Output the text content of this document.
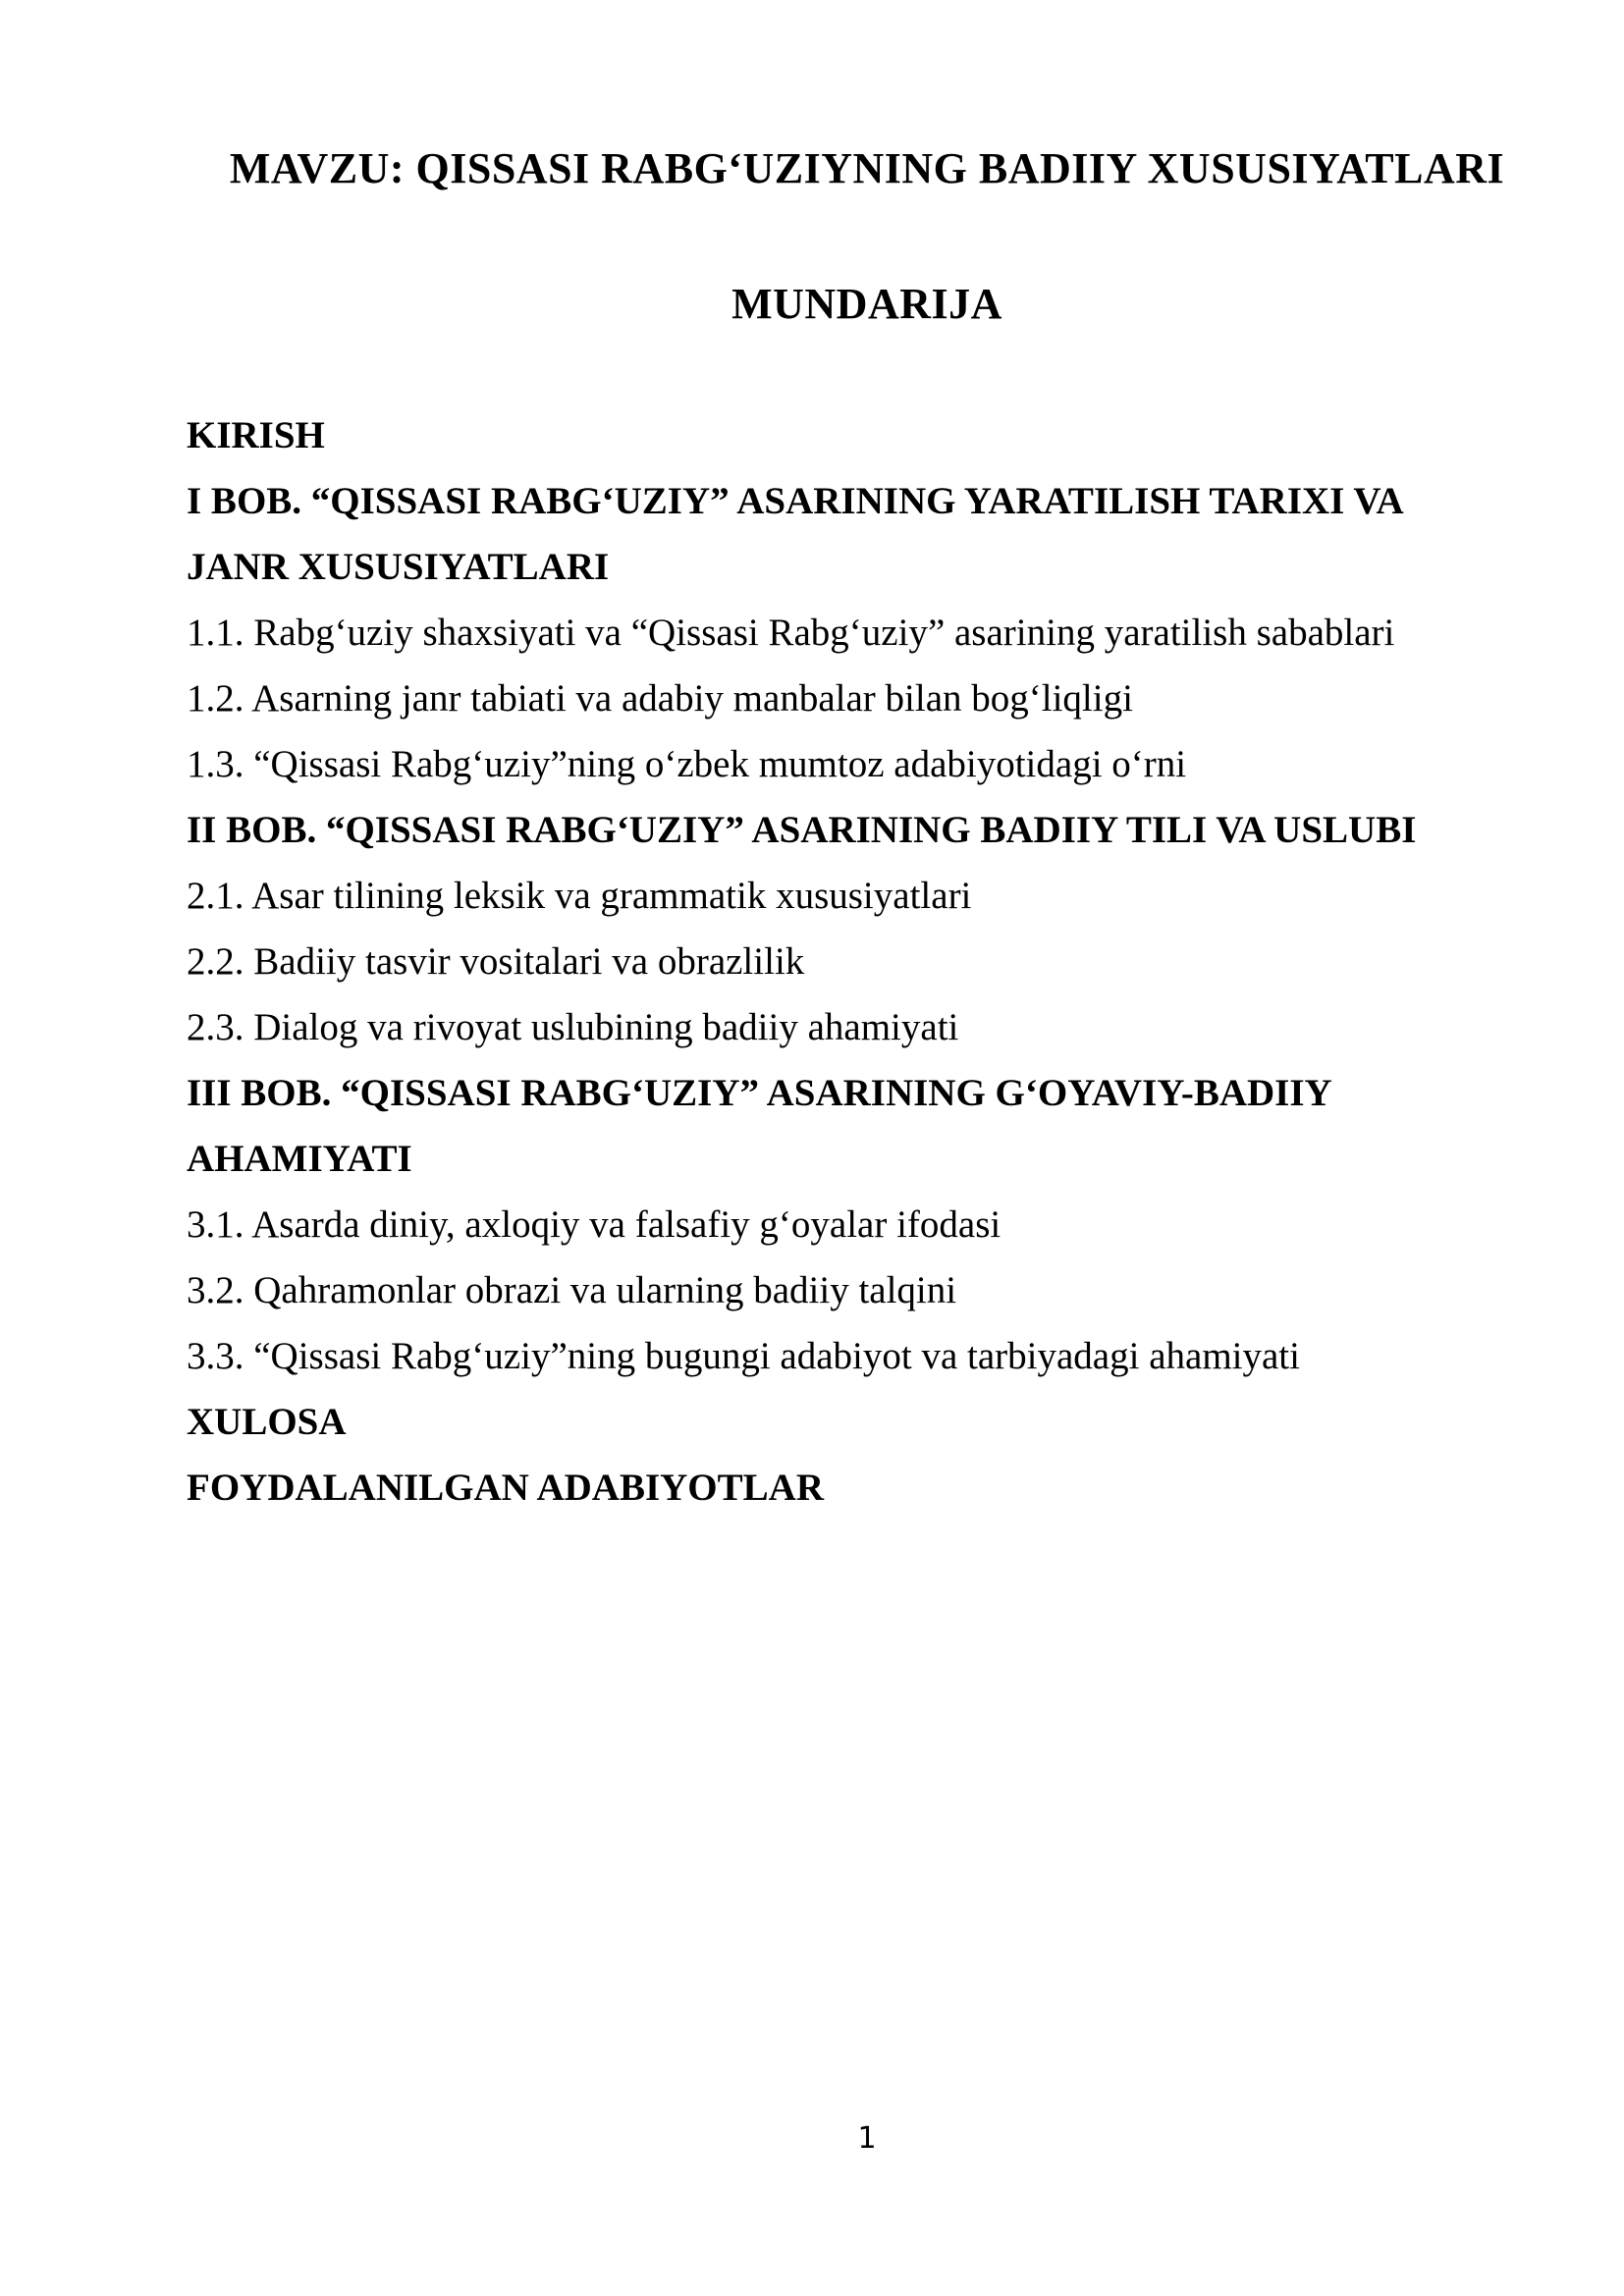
MAVZU: QISSASI RABG‘UZIYNING BADIIY XUSUSIYATLARI
MUNDARIJA
KIRISH
I BOB. “QISSASI RABG‘UZIY” ASARINING YARATILISH TARIXI VA
JANR XUSUSIYATLARI
1.1. Rabg‘uziy shaxsiyati va “Qissasi Rabg‘uziy” asarining yaratilish sabablari
1.2. Asarning janr tabiati va adabiy manbalar bilan bog‘liqligi
1.3. “Qissasi Rabg‘uziy”ning o‘zbek mumtoz adabiyotidagi o‘rni
II BOB. “QISSASI RABG‘UZIY” ASARINING BADIIY TILI VA USLUBI
2.1. Asar tilining leksik va grammatik xususiyatlari
2.2. Badiiy tasvir vositalari va obrazlilik
2.3. Dialog va rivoyat uslubining badiiy ahamiyati
III BOB. “QISSASI RABG‘UZIY” ASARINING G‘OYAVIY-BADIIY
AHAMIYATI
3.1. Asarda diniy, axloqiy va falsafiy g‘oyalar ifodasi
3.2. Qahramonlar obrazi va ularning badiiy talqini
3.3. “Qissasi Rabg‘uziy”ning bugungi adabiyot va tarbiyadagi ahamiyati
XULOSA
FOYDALANILGAN ADABIYOTLAR
1
